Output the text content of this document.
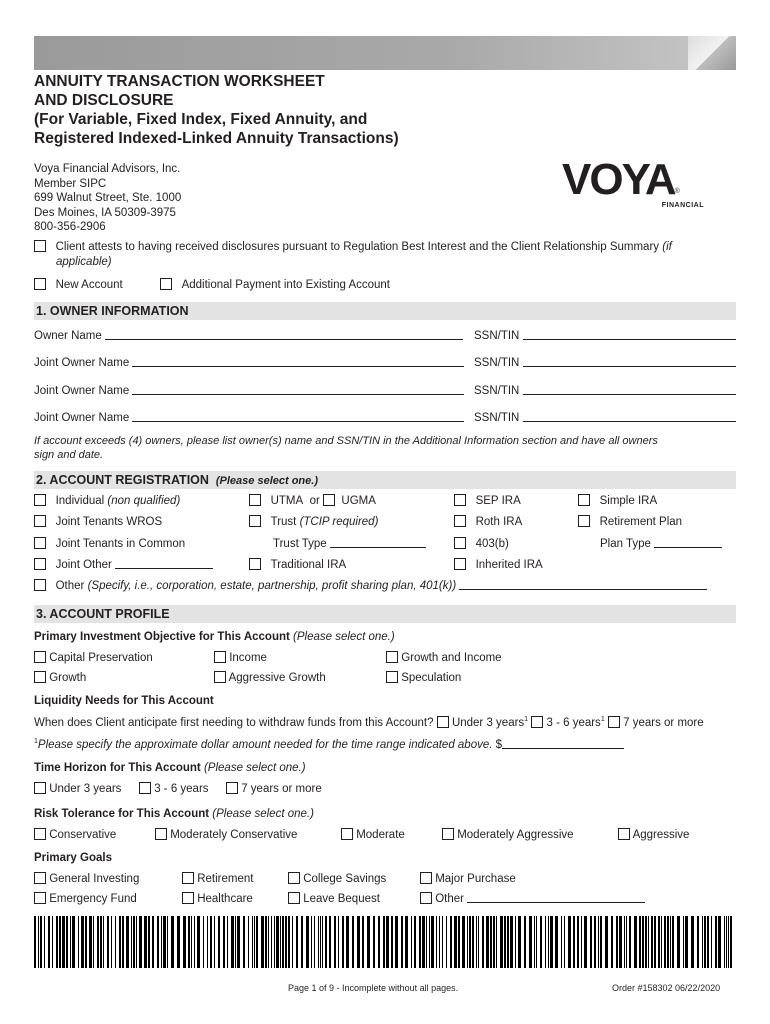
ANNUITY TRANSACTION WORKSHEET
AND DISCLOSURE
(For Variable, Fixed Index, Fixed Annuity, and
Registered Indexed-Linked Annuity Transactions)
Voya Financial Advisors, Inc.
Member SIPC
699 Walnut Street, Ste. 1000
Des Moines, IA 50309-3975
800-356-2906
$VOYA_®$
FINANCIAL
Client attests to having received disclosures pursuant to Regulation Best Interest and the Client Relationship Summary (if
applicable)
New Account	Additional Payment into Existing Account
1. OWNER INFORMATION
Owner Name	SSN/TIN
Joint Owner Name	SSN/TIN
Joint Owner Name	SSN/TIN
Joint Owner Name	SSN/TIN
If account exceeds (4) owners, please list owner(s) name and SSN/TIN in the Additional Information section and have all owners
sign and date.
2. ACCOUNT REGISTRATION (Please select one.)
Individual (non qualified)	UTMA or UGMA	SEP IRA	Simple IRA
Joint Tenants WROS	Trust (TCIP required)	Roth IRA	Retirement Plan
Joint Tenants in Common	Trust Type	403(b)	Plan Type
Joint Other	Traditional IRA	Inherited IRA
Other (Specify, i.e., corporation, estate, partnership, profit sharing plan, 401(k))
3. ACCOUNT PROFILE
Primary Investment Objective for This Account (Please select one.)
Capital Preservation	Income	Growth and Income
Growth	Aggressive Growth	Speculation
Liquidity Needs for This Account
When does Client anticipate first needing to withdraw funds from this Account? Under 3 years$^1$ 3 - 6 years$^1$ 7 years or more
$^1$Please specify the approximate dollar amount needed for the time range indicated above. $
Time Horizon for This Account (Please select one.)
Under 3 years	3 - 6 years	7 years or more
Risk Tolerance for This Account (Please select one.)
Conservative	Moderately Conservative	Moderate	Moderately Aggressive	Aggressive
Primary Goals
General Investing	Retirement	College Savings	Major Purchase
Emergency Fund	Healthcare	Leave Bequest	Other
Page 1 of 9 - Incomplete without all pages.	Order #158302 06/22/2020
